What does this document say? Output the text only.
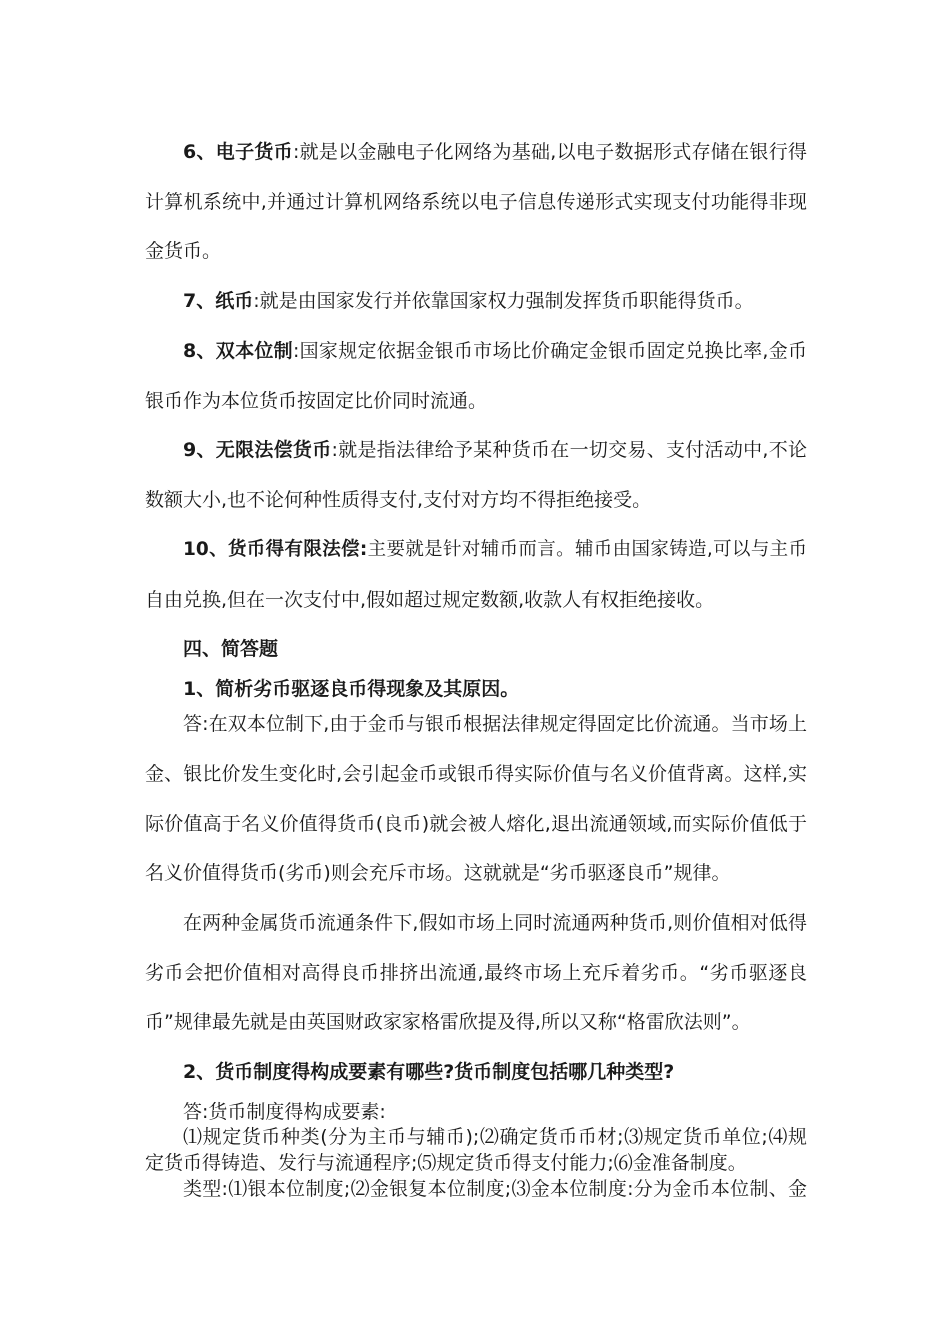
6、电子货币:就是以金融电子化网络为基础,以电子数据形式存储在银行得
计算机系统中,并通过计算机网络系统以电子信息传递形式实现支付功能得非现
金货币。
7、纸币:就是由国家发行并依靠国家权力强制发挥货币职能得货币。
8、双本位制:国家规定依据金银币市场比价确定金银币固定兑换比率,金币
银币作为本位货币按固定比价同时流通。
9、无限法偿货币:就是指法律给予某种货币在一切交易、支付活动中,不论
数额大小,也不论何种性质得支付,支付对方均不得拒绝接受。
10、货币得有限法偿:主要就是针对辅币而言。辅币由国家铸造,可以与主币
自由兑换,但在一次支付中,假如超过规定数额,收款人有权拒绝接收。
四、简答题
1、简析劣币驱逐良币得现象及其原因。
答:在双本位制下,由于金币与银币根据法律规定得固定比价流通。当市场上
金、银比价发生变化时,会引起金币或银币得实际价值与名义价值背离。这样,实
际价值高于名义价值得货币(良币)就会被人熔化,退出流通领域,而实际价值低于
名义价值得货币(劣币)则会充斥市场。这就就是“劣币驱逐良币”规律。
在两种金属货币流通条件下,假如市场上同时流通两种货币,则价值相对低得
劣币会把价值相对高得良币排挤出流通,最终市场上充斥着劣币。“劣币驱逐良
币”规律最先就是由英国财政家家格雷欣提及得,所以又称“格雷欣法则”。
2、货币制度得构成要素有哪些?货币制度包括哪几种类型?
答:货币制度得构成要素:
⑴规定货币种类(分为主币与辅币);⑵确定货币币材;⑶规定货币单位;⑷规
定货币得铸造、发行与流通程序;⑸规定货币得支付能力;⑹金准备制度。
类型:⑴银本位制度;⑵金银复本位制度;⑶金本位制度:分为金币本位制、金
